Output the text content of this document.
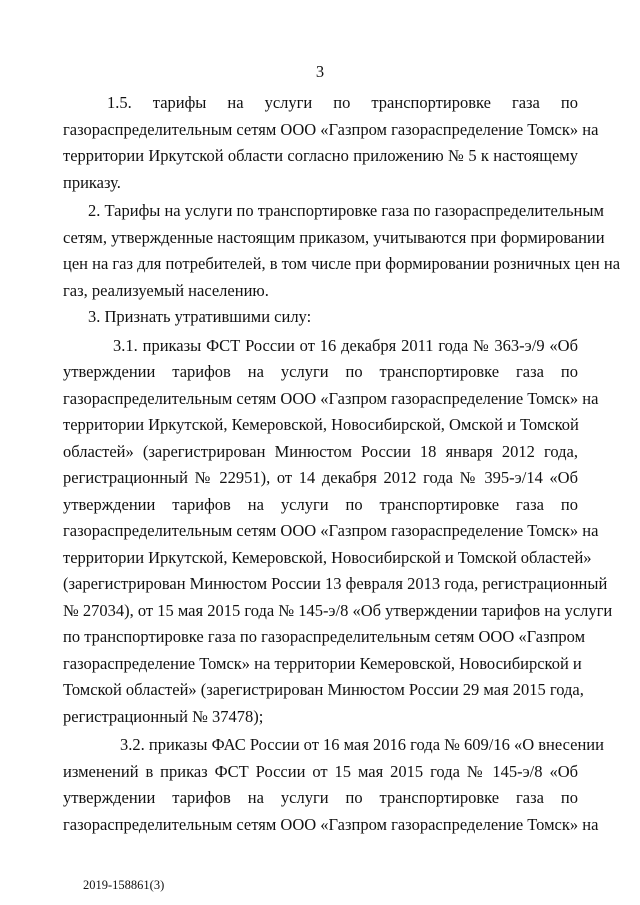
3
1.5. тарифы на услуги по транспортировке газа по
газораспределительным сетям ООО «Газпром газораспределение Томск» на
территории Иркутской области согласно приложению № 5 к настоящему
приказу.
2. Тарифы на услуги по транспортировке газа по газораспределительным
сетям, утвержденные настоящим приказом, учитываются при формировании
цен на газ для потребителей, в том числе при формировании розничных цен на
газ, реализуемый населению.
3. Признать утратившими силу:
3.1. приказы ФСТ России от 16 декабря 2011 года № 363-э/9 «Об
утверждении тарифов на услуги по транспортировке газа по
газораспределительным сетям ООО «Газпром газораспределение Томск» на
территории Иркутской, Кемеровской, Новосибирской, Омской и Томской
областей» (зарегистрирован Минюстом России 18 января 2012 года,
регистрационный № 22951), от 14 декабря 2012 года № 395-э/14 «Об
утверждении тарифов на услуги по транспортировке газа по
газораспределительным сетям ООО «Газпром газораспределение Томск» на
территории Иркутской, Кемеровской, Новосибирской и Томской областей»
(зарегистрирован Минюстом России 13 февраля 2013 года, регистрационный
№ 27034), от 15 мая 2015 года № 145-э/8 «Об утверждении тарифов на услуги
по транспортировке газа по газораспределительным сетям ООО «Газпром
газораспределение Томск» на территории Кемеровской, Новосибирской и
Томской областей» (зарегистрирован Минюстом России 29 мая 2015 года,
регистрационный № 37478);
3.2. приказы ФАС России от 16 мая 2016 года № 609/16 «О внесении
изменений в приказ ФСТ России от 15 мая 2015 года № 145-э/8 «Об
утверждении тарифов на услуги по транспортировке газа по
газораспределительным сетям ООО «Газпром газораспределение Томск» на
2019-158861(3)
